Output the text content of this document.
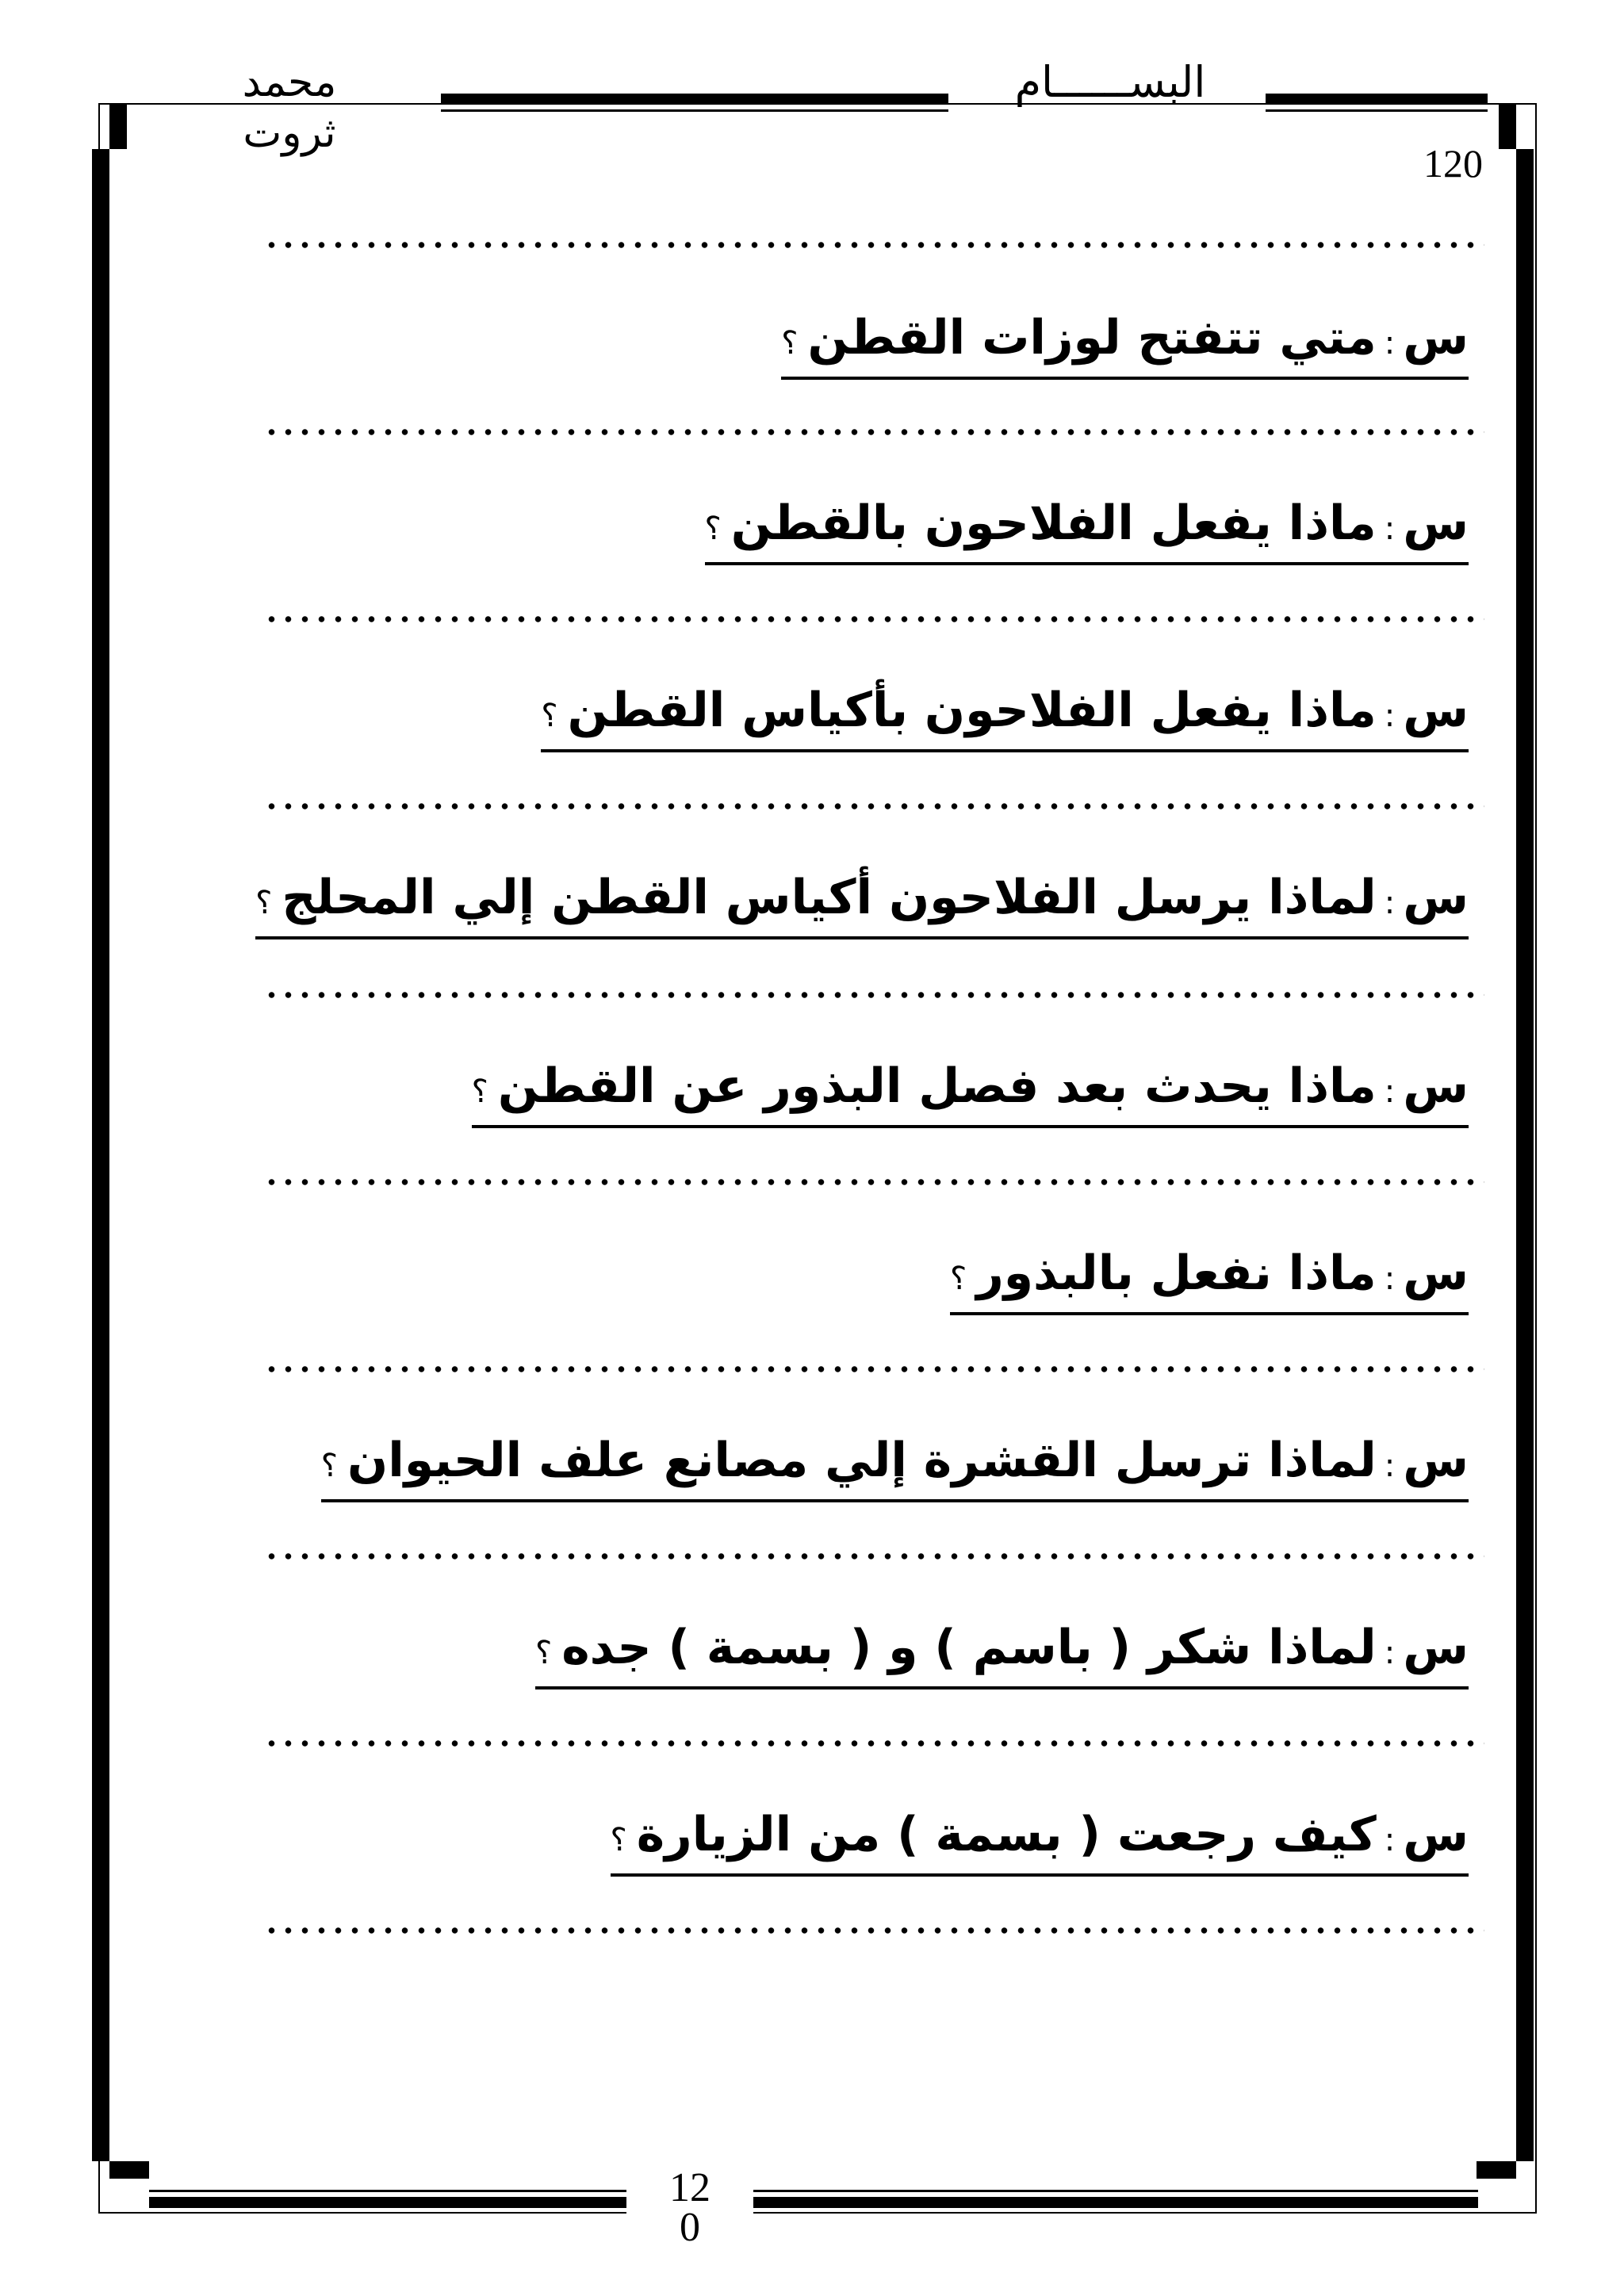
محمد ثروت
البســــــام
120
س:متي تتفتح لوزات القطن؟
س:ماذا يفعل الفلاحون بالقطن؟
س:ماذا يفعل الفلاحون بأكياس القطن؟
س:لماذا يرسل الفلاحون أكياس القطن إلي المحلج؟
س:ماذا يحدث بعد فصل البذور عن القطن؟
س:ماذا نفعل بالبذور؟
س:لماذا ترسل القشرة إلي مصانع علف الحيوان؟
س:لماذا شكر ( باسم ) و ( بسمة ) جده؟
س:كيف رجعت ( بسمة ) من الزيارة؟
12
0
